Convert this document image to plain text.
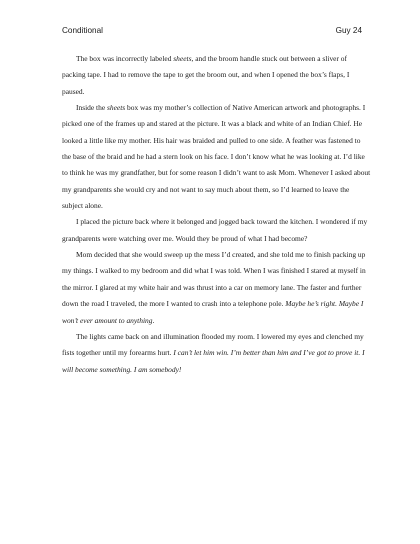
Conditional	Guy 24

The box was incorrectly labeled sheets, and the broom handle stuck out between a sliver of packing tape. I had to remove the tape to get the broom out, and when I opened the box’s flaps, I paused.

Inside the sheets box was my mother’s collection of Native American artwork and photographs. I picked one of the frames up and stared at the picture. It was a black and white of an Indian Chief. He looked a little like my mother. His hair was braided and pulled to one side. A feather was fastened to the base of the braid and he had a stern look on his face. I don’t know what he was looking at. I’d like to think he was my grandfather, but for some reason I didn’t want to ask Mom. Whenever I asked about my grandparents she would cry and not want to say much about them, so I’d learned to leave the subject alone.

I placed the picture back where it belonged and jogged back toward the kitchen. I wondered if my grandparents were watching over me. Would they be proud of what I had become?

Mom decided that she would sweep up the mess I’d created, and she told me to finish packing up my things. I walked to my bedroom and did what I was told. When I was finished I stared at myself in the mirror. I glared at my white hair and was thrust into a car on memory lane. The faster and further down the road I traveled, the more I wanted to crash into a telephone pole. Maybe he’s right. Maybe I won’t ever amount to anything.

The lights came back on and illumination flooded my room. I lowered my eyes and clenched my fists together until my forearms hurt. I can’t let him win. I’m better than him and I’ve got to prove it. I will become something. I am somebody!
